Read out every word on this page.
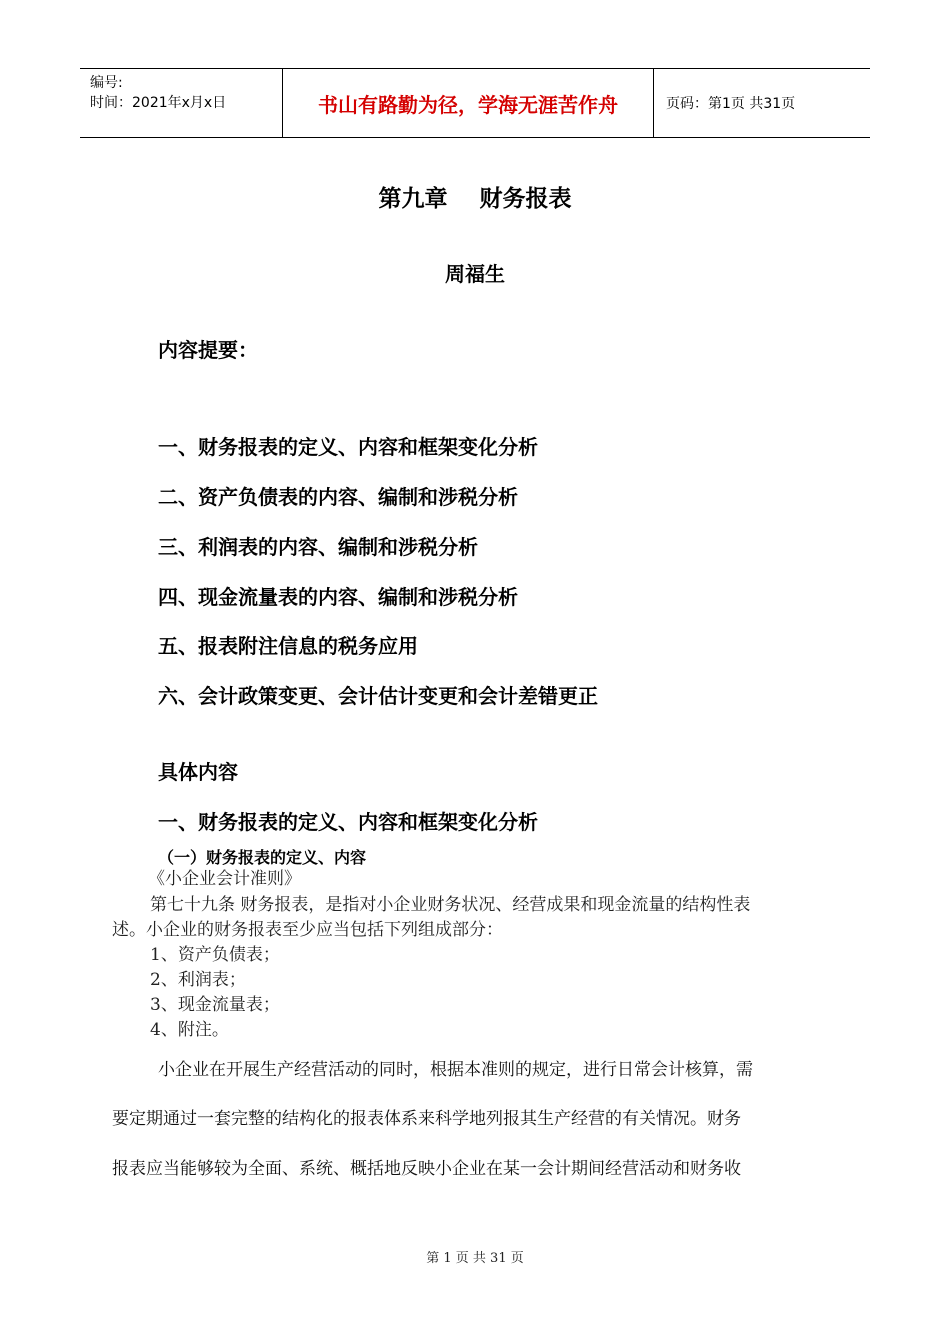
编号:
时间：2021年x月x日	书山有路勤为径，学海无涯苦作舟	页码：第1页 共31页
第九章    财务报表
周福生
内容提要：
一、财务报表的定义、内容和框架变化分析
二、资产负债表的内容、编制和涉税分析
三、利润表的内容、编制和涉税分析
四、现金流量表的内容、编制和涉税分析
五、报表附注信息的税务应用
六、会计政策变更、会计估计变更和会计差错更正
具体内容
一、财务报表的定义、内容和框架变化分析
（一）财务报表的定义、内容
《小企业会计准则》
第七十九条 财务报表，是指对小企业财务状况、经营成果和现金流量的结构性表
述。小企业的财务报表至少应当包括下列组成部分：
1、资产负债表；
2、利润表；
3、现金流量表；
4、附注。
小企业在开展生产经营活动的同时，根据本准则的规定，进行日常会计核算，需
要定期通过一套完整的结构化的报表体系来科学地列报其生产经营的有关情况。财务
报表应当能够较为全面、系统、概括地反映小企业在某一会计期间经营活动和财务收
第 1 页 共 31 页
